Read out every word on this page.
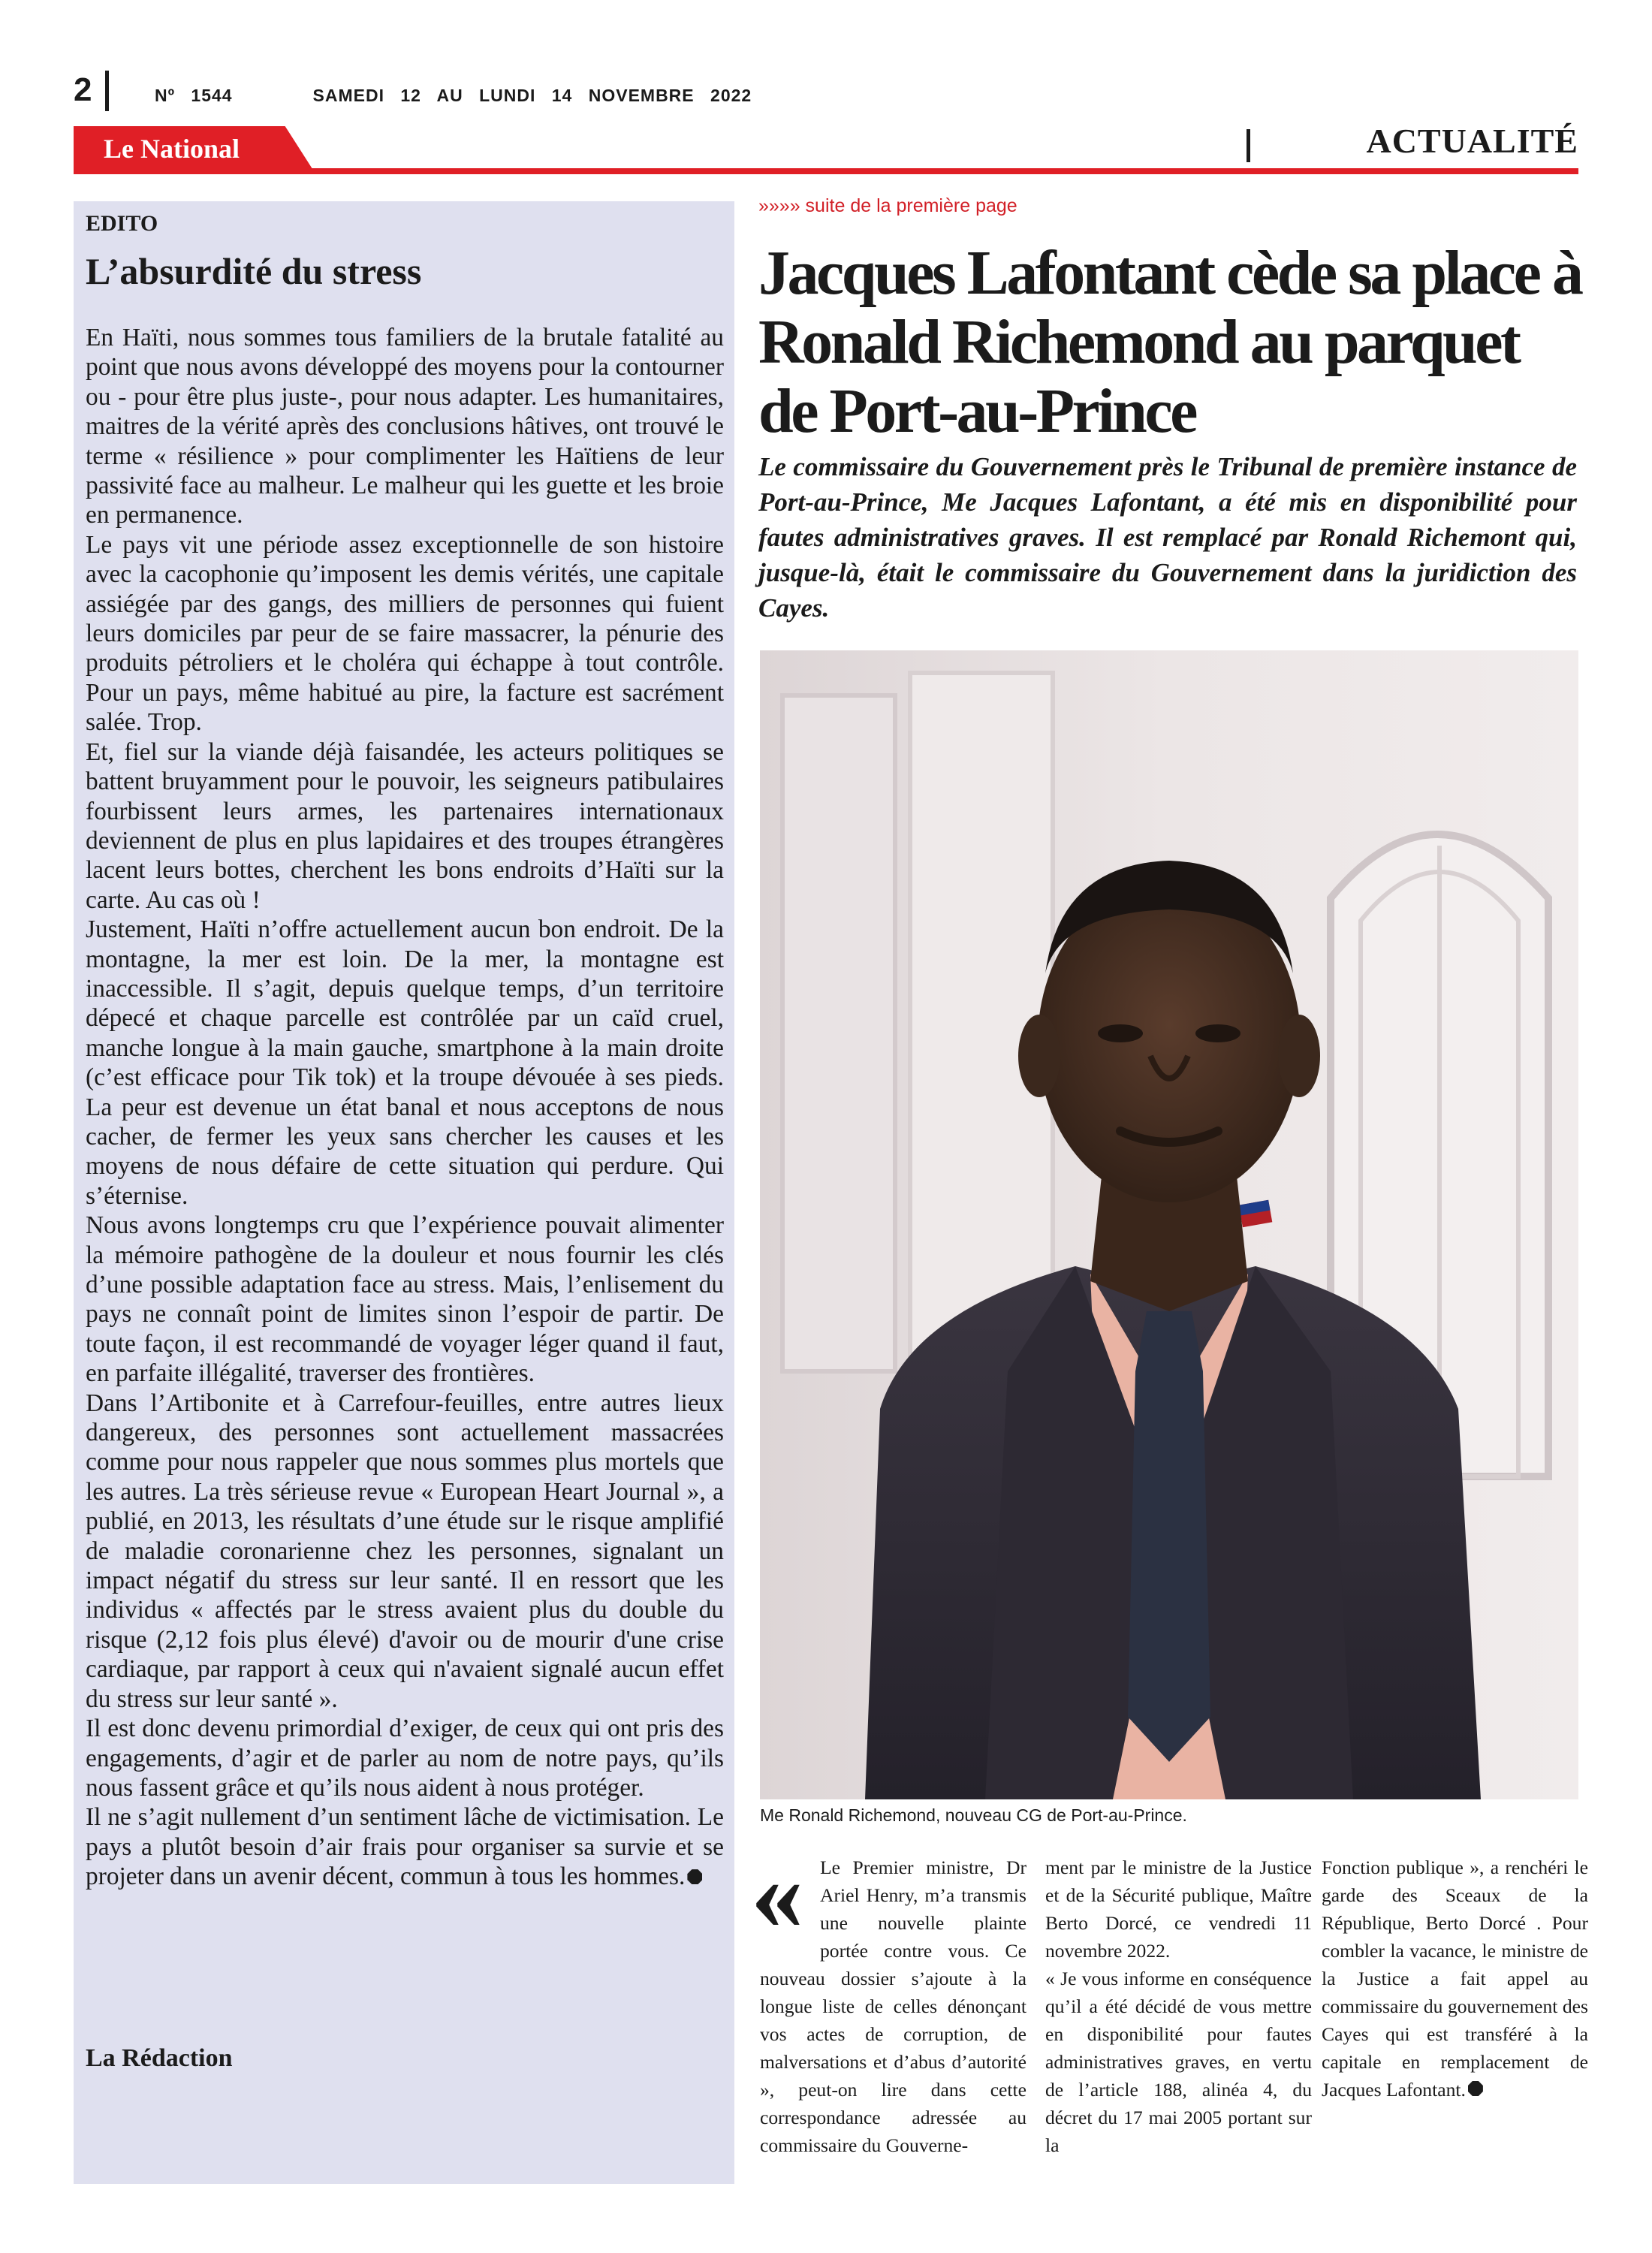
2	Nº 1544	SAMEDI 12 AU LUNDI 14 NOVEMBRE 2022
Le National	ACTUALITÉ
EDITO
L’absurdité du stress

En Haïti, nous sommes tous familiers de la brutale fatalité au point que nous avons développé des moyens pour la contourner ou - pour être plus juste-, pour nous adapter. Les humanitaires, maitres de la vérité après des conclusions hâtives, ont trouvé le terme « résilience » pour complimenter les Haïtiens de leur passivité face au malheur. Le malheur qui les guette et les broie en permanence.

Le pays vit une période assez exceptionnelle de son histoire avec la cacophonie qu’imposent les demis vérités, une capitale assiégée par des gangs, des milliers de personnes qui fuient leurs domiciles par peur de se faire massacrer, la pénurie des produits pétroliers et le choléra qui échappe à tout contrôle. Pour un pays, même habitué au pire, la facture est sacrément salée. Trop.

Et, fiel sur la viande déjà faisandée, les acteurs politiques se battent bruyamment pour le pouvoir, les seigneurs patibulaires fourbissent leurs armes, les partenaires internationaux deviennent de plus en plus lapidaires et des troupes étrangères lacent leurs bottes, cherchent les bons endroits d’Haïti sur la carte. Au cas où !

Justement, Haïti n’offre actuellement aucun bon endroit. De la montagne, la mer est loin. De la mer, la montagne est inaccessible. Il s’agit, depuis quelque temps, d’un territoire dépecé et chaque parcelle est contrôlée par un caïd cruel, manche longue à la main gauche, smartphone à la main droite (c’est efficace pour Tik tok) et la troupe dévouée à ses pieds. La peur est devenue un état banal et nous acceptons de nous cacher, de fermer les yeux sans chercher les causes et les moyens de nous défaire de cette situation qui perdure. Qui s’éternise.

Nous avons longtemps cru que l’expérience pouvait alimenter la mémoire pathogène de la douleur et nous fournir les clés d’une possible adaptation face au stress. Mais, l’enlisement du pays ne connaît point de limites sinon l’espoir de partir. De toute façon, il est recommandé de voyager léger quand il faut, en parfaite illégalité, traverser des frontières.

Dans l’Artibonite et à Carrefour-feuilles, entre autres lieux dangereux, des personnes sont actuellement massacrées comme pour nous rappeler que nous sommes plus mortels que les autres. La très sérieuse revue « European Heart Journal », a publié, en 2013, les résultats d’une étude sur le risque amplifié de maladie coronarienne chez les personnes, signalant un impact négatif du stress sur leur santé. Il en ressort que les individus « affectés par le stress avaient plus du double du risque (2,12 fois plus élevé) d'avoir ou de mourir d'une crise cardiaque, par rapport à ceux qui n'avaient signalé aucun effet du stress sur leur santé ».

Il est donc devenu primordial d’exiger, de ceux qui ont pris des engagements, d’agir et de parler au nom de notre pays, qu’ils nous fassent grâce et qu’ils nous aident à nous protéger.

Il ne s’agit nullement d’un sentiment lâche de victimisation. Le pays a plutôt besoin d’air frais pour organiser sa survie et se projeter dans un avenir décent, commun à tous les hommes.

La Rédaction
»»»» suite de la première page
Jacques Lafontant cède sa place à Ronald Richemond au parquet de Port-au-Prince

Le commissaire du Gouvernement près le Tribunal de première instance de Port-au-Prince, Me Jacques Lafontant, a été mis en disponibilité pour fautes administratives graves. Il est remplacé par Ronald Richemont qui, jusque-là, était le commissaire du Gouvernement dans la juridiction des Cayes.

Me Ronald Richemond, nouveau CG de Port-au-Prince.
« Le Premier ministre, Dr Ariel Henry, m’a transmis une nouvelle plainte portée contre vous. Ce nouveau dossier s’ajoute à la longue liste de celles dénonçant vos actes de corruption, de malversations et d’abus d’autorité », peut-on lire dans cette correspondance adressée au commissaire du Gouverne-

ment par le ministre de la Justice et de la Sécurité publique, Maître Berto Dorcé, ce vendredi 11 novembre 2022.

« Je vous informe en conséquence qu’il a été décidé de vous mettre en disponibilité pour fautes administratives graves, en vertu de l’article 188, alinéa 4, du décret du 17 mai 2005 portant sur la

Fonction publique », a renchéri le garde des Sceaux de la République, Berto Dorcé . Pour combler la vacance, le ministre de la Justice a fait appel au commissaire du gouvernement des Cayes qui est transféré à la capitale en remplacement de Jacques Lafontant.
